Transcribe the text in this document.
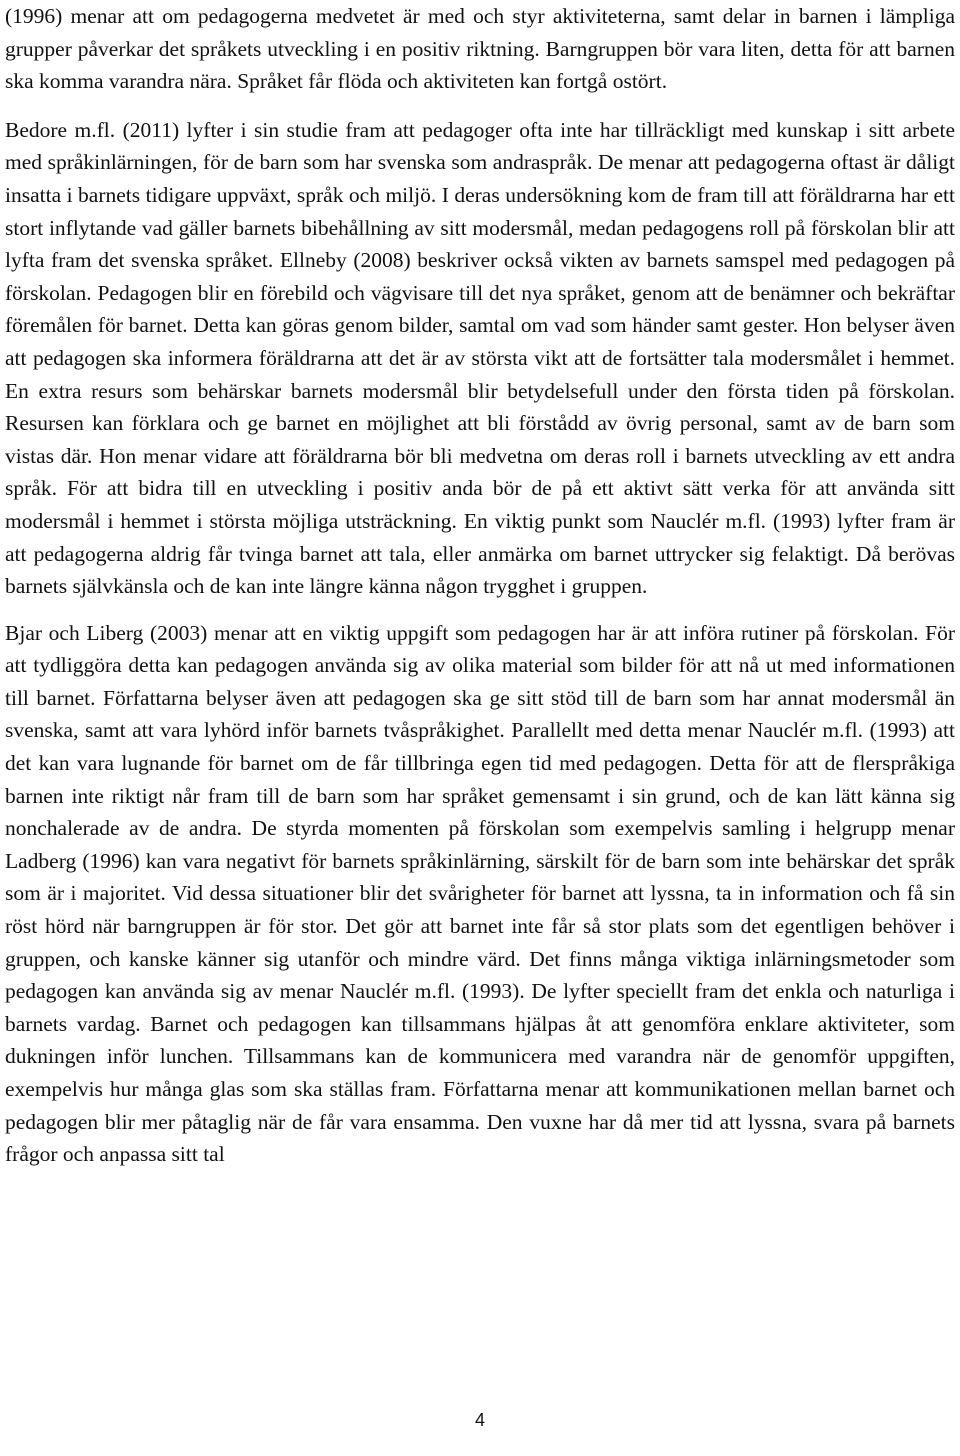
(1996) menar att om pedagogerna medvetet är med och styr aktiviteterna, samt delar in barnen i lämpliga grupper påverkar det språkets utveckling i en positiv riktning. Barngruppen bör vara liten, detta för att barnen ska komma varandra nära. Språket får flöda och aktiviteten kan fortgå ostört.

Bedore m.fl. (2011) lyfter i sin studie fram att pedagoger ofta inte har tillräckligt med kunskap i sitt arbete med språkinlärningen, för de barn som har svenska som andraspråk. De menar att pedagogerna oftast är dåligt insatta i barnets tidigare uppväxt, språk och miljö. I deras undersökning kom de fram till att föräldrarna har ett stort inflytande vad gäller barnets bibehållning av sitt modersmål, medan pedagogens roll på förskolan blir att lyfta fram det svenska språket. Ellneby (2008) beskriver också vikten av barnets samspel med pedagogen på förskolan. Pedagogen blir en förebild och vägvisare till det nya språket, genom att de benämner och bekräftar föremålen för barnet. Detta kan göras genom bilder, samtal om vad som händer samt gester. Hon belyser även att pedagogen ska informera föräldrarna att det är av största vikt att de fortsätter tala modersmålet i hemmet. En extra resurs som behärskar barnets modersmål blir betydelsefull under den första tiden på förskolan. Resursen kan förklara och ge barnet en möjlighet att bli förstådd av övrig personal, samt av de barn som vistas där. Hon menar vidare att föräldrarna bör bli medvetna om deras roll i barnets utveckling av ett andra språk. För att bidra till en utveckling i positiv anda bör de på ett aktivt sätt verka för att använda sitt modersmål i hemmet i största möjliga utsträckning. En viktig punkt som Nauclér m.fl. (1993) lyfter fram är att pedagogerna aldrig får tvinga barnet att tala, eller anmärka om barnet uttrycker sig felaktigt. Då berövas barnets självkänsla och de kan inte längre känna någon trygghet i gruppen.

Bjar och Liberg (2003) menar att en viktig uppgift som pedagogen har är att införa rutiner på förskolan. För att tydliggöra detta kan pedagogen använda sig av olika material som bilder för att nå ut med informationen till barnet. Författarna belyser även att pedagogen ska ge sitt stöd till de barn som har annat modersmål än svenska, samt att vara lyhörd inför barnets tvåspråkighet. Parallellt med detta menar Nauclér m.fl. (1993) att det kan vara lugnande för barnet om de får tillbringa egen tid med pedagogen. Detta för att de flerspråkiga barnen inte riktigt når fram till de barn som har språket gemensamt i sin grund, och de kan lätt känna sig nonchalerade av de andra. De styrda momenten på förskolan som exempelvis samling i helgrupp menar Ladberg (1996) kan vara negativt för barnets språkinlärning, särskilt för de barn som inte behärskar det språk som är i majoritet. Vid dessa situationer blir det svårigheter för barnet att lyssna, ta in information och få sin röst hörd när barngruppen är för stor. Det gör att barnet inte får så stor plats som det egentligen behöver i gruppen, och kanske känner sig utanför och mindre värd. Det finns många viktiga inlärningsmetoder som pedagogen kan använda sig av menar Nauclér m.fl. (1993). De lyfter speciellt fram det enkla och naturliga i barnets vardag. Barnet och pedagogen kan tillsammans hjälpas åt att genomföra enklare aktiviteter, som dukningen inför lunchen. Tillsammans kan de kommunicera med varandra när de genomför uppgiften, exempelvis hur många glas som ska ställas fram. Författarna menar att kommunikationen mellan barnet och pedagogen blir mer påtaglig när de får vara ensamma. Den vuxne har då mer tid att lyssna, svara på barnets frågor och anpassa sitt tal

4
